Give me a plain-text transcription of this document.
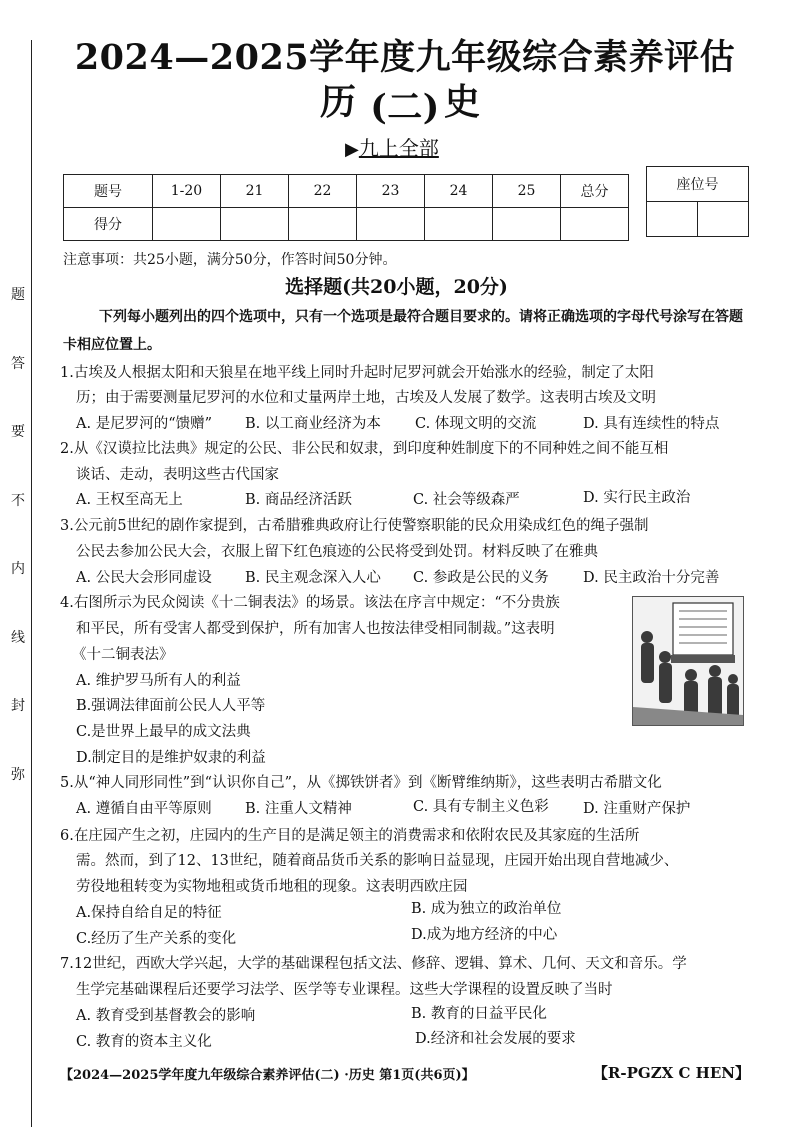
题
答
要
不
内
线
封
弥
2024—2025学年度九年级综合素养评估(二)
历 史
▶九上全部
题号	1-20	21	22	23	24	25	总分
得分							
座位号

注意事项：共25小题，满分50分，作答时间50分钟。
选择题(共20小题，20分)
下列每小题列出的四个选项中，只有一个选项是最符合题目要求的。请将正确选项的字母代号涂写在答题卡相应位置上。
1.古埃及人根据太阳和天狼星在地平线上同时升起时尼罗河就会开始涨水的经验，制定了太阳
历；由于需要测量尼罗河的水位和丈量两岸土地，古埃及人发展了数学。这表明古埃及文明
A. 是尼罗河的“馈赠” B. 以工商业经济为本 C. 体现文明的交流	D. 具有连续性的特点
2.从《汉谟拉比法典》规定的公民、非公民和奴隶，到印度种姓制度下的不同种姓之间不能互相
谈话、走动，表明这些古代国家
A. 王权至高无上	B. 商品经济活跃	C. 社会等级森严	D. 实行民主政治
3.公元前5世纪的剧作家提到，古希腊雅典政府让行使警察职能的民众用染成红色的绳子强制
公民去参加公民大会，衣服上留下红色痕迹的公民将受到处罚。材料反映了在雅典
A. 公民大会形同虚设 B. 民主观念深入人心 C. 参政是公民的义务 D. 民主政治十分完善
4.右图所示为民众阅读《十二铜表法》的场景。该法在序言中规定：“不分贵族
和平民，所有受害人都受到保护，所有加害人也按法律受相同制裁。”这表明
《十二铜表法》
A. 维护罗马所有人的利益
B.强调法律面前公民人人平等
C.是世界上最早的成文法典
D.制定目的是维护奴隶的利益
5.从“神人同形同性”到“认识你自己”，从《掷铁饼者》到《断臂维纳斯》，这些表明古希腊文化
A. 遵循自由平等原则 B. 注重人文精神	C. 具有专制主义色彩 D. 注重财产保护
6.在庄园产生之初，庄园内的生产目的是满足领主的消费需求和依附农民及其家庭的生活所
需。然而，到了12、13世纪，随着商品货币关系的影响日益显现，庄园开始出现自营地减少、
劳役地租转变为实物地租或货币地租的现象。这表明西欧庄园
A.保持自给自足的特征	B. 成为独立的政治单位
C.经历了生产关系的变化	D.成为地方经济的中心
7.12世纪，西欧大学兴起，大学的基础课程包括文法、修辞、逻辑、算术、几何、天文和音乐。学
生学完基础课程后还要学习法学、医学等专业课程。这些大学课程的设置反映了当时
A. 教育受到基督教会的影响	B. 教育的日益平民化
C. 教育的资本主义化	D.经济和社会发展的要求
【2024—2025学年度九年级综合素养评估(二) ·历史 第1页(共6页)】	【R-PGZX C HEN】
